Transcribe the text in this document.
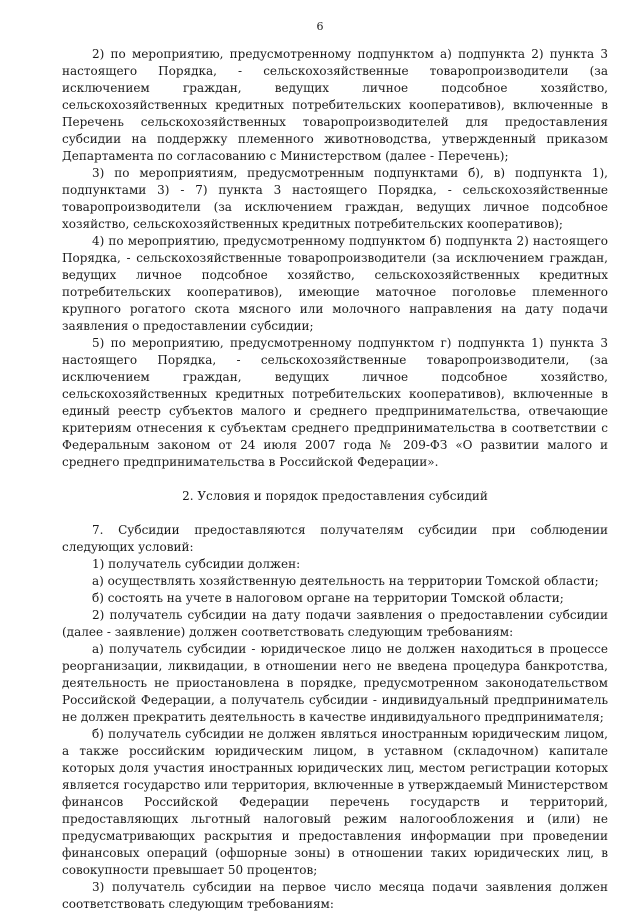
6

2) по мероприятию, предусмотренному подпунктом а) подпункта 2) пункта 3 настоящего Порядка, - сельскохозяйственные товаропроизводители (за исключением граждан, ведущих личное подсобное хозяйство, сельскохозяйственных кредитных потребительских кооперативов), включенные в Перечень сельскохозяйственных товаропроизводителей для предоставления субсидии на поддержку племенного животноводства, утвержденный приказом Департамента по согласованию с Министерством (далее - Перечень);

3) по мероприятиям, предусмотренным подпунктами б), в) подпункта 1), подпунктами 3) - 7) пункта 3 настоящего Порядка, - сельскохозяйственные товаропроизводители (за исключением граждан, ведущих личное подсобное хозяйство, сельскохозяйственных кредитных потребительских кооперативов);

4) по мероприятию, предусмотренному подпунктом б) подпункта 2) настоящего Порядка, - сельскохозяйственные товаропроизводители (за исключением граждан, ведущих личное подсобное хозяйство, сельскохозяйственных кредитных потребительских кооперативов), имеющие маточное поголовье племенного крупного рогатого скота мясного или молочного направления на дату подачи заявления о предоставлении субсидии;

5) по мероприятию, предусмотренному подпунктом г) подпункта 1) пункта 3 настоящего Порядка, - сельскохозяйственные товаропроизводители, (за исключением граждан, ведущих личное подсобное хозяйство, сельскохозяйственных кредитных потребительских кооперативов), включенные в единый реестр субъектов малого и среднего предпринимательства, отвечающие критериям отнесения к субъектам среднего предпринимательства в соответствии с Федеральным законом от 24 июля 2007 года № 209-ФЗ «О развитии малого и среднего предпринимательства в Российской Федерации».

2. Условия и порядок предоставления субсидий

7. Субсидии предоставляются получателям субсидии при соблюдении следующих условий:

1) получатель субсидии должен:

а) осуществлять хозяйственную деятельность на территории Томской области;

б) состоять на учете в налоговом органе на территории Томской области;

2) получатель субсидии на дату подачи заявления о предоставлении субсидии (далее - заявление) должен соответствовать следующим требованиям:

а) получатель субсидии - юридическое лицо не должен находиться в процессе реорганизации, ликвидации, в отношении него не введена процедура банкротства, деятельность не приостановлена в порядке, предусмотренном законодательством Российской Федерации, а получатель субсидии - индивидуальный предприниматель не должен прекратить деятельность в качестве индивидуального предпринимателя;

б) получатель субсидии не должен являться иностранным юридическим лицом, а также российским юридическим лицом, в уставном (складочном) капитале которых доля участия иностранных юридических лиц, местом регистрации которых является государство или территория, включенные в утверждаемый Министерством финансов Российской Федерации перечень государств и территорий, предоставляющих льготный налоговый режим налогообложения и (или) не предусматривающих раскрытия и предоставления информации при проведении финансовых операций (офшорные зоны) в отношении таких юридических лиц, в совокупности превышает 50 процентов;

3) получатель субсидии на первое число месяца подачи заявления должен соответствовать следующим требованиям:
